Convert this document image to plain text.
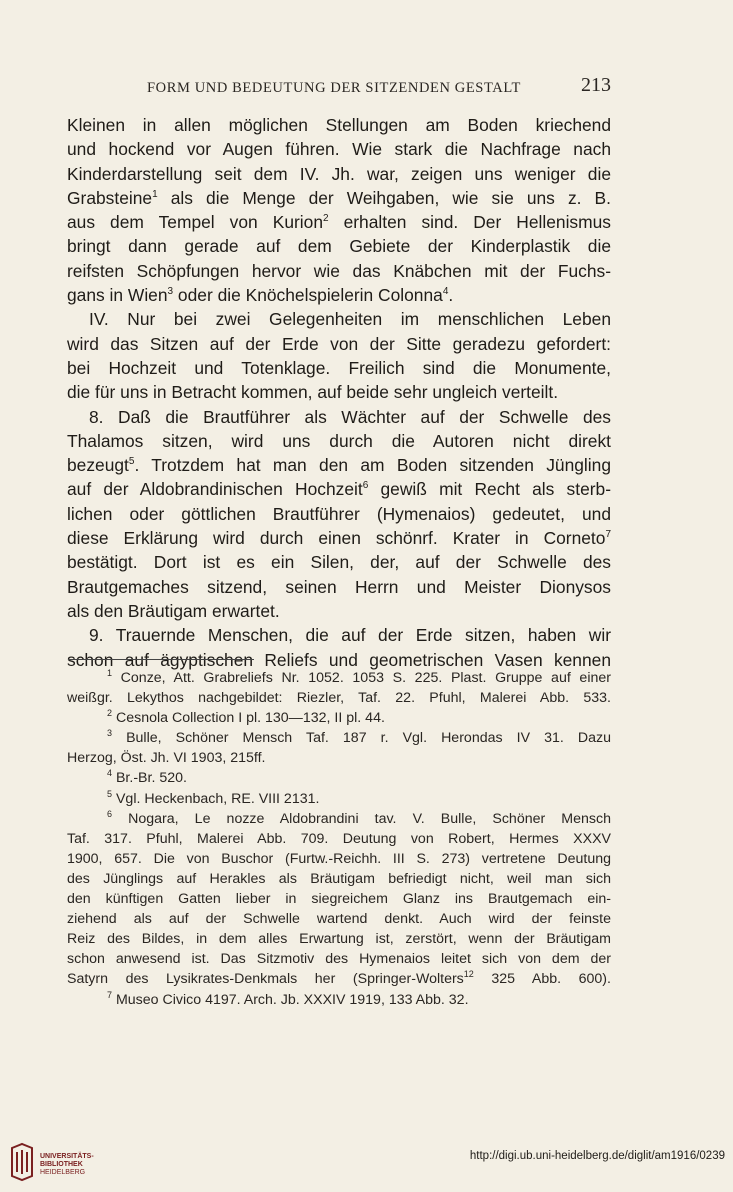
FORM UND BEDEUTUNG DER SITZENDEN GESTALT	213

Kleinen in allen möglichen Stellungen am Boden kriechend

und hockend vor Augen führen. Wie stark die Nachfrage nach

Kinderdarstellung seit dem IV. Jh. war, zeigen uns weniger die

Grabsteine$^1$ als die Menge der Weihgaben, wie sie uns z. B.

aus dem Tempel von Kurion$^2$ erhalten sind. Der Hellenismus

bringt dann gerade auf dem Gebiete der Kinderplastik die

reifsten Schöpfungen hervor wie das Knäbchen mit der Fuchs-

gans in Wien$^3$ oder die Knöchelspielerin Colonna$^4$.

IV. Nur bei zwei Gelegenheiten im menschlichen Leben

wird das Sitzen auf der Erde von der Sitte geradezu gefordert:

bei Hochzeit und Totenklage. Freilich sind die Monumente,

die für uns in Betracht kommen, auf beide sehr ungleich verteilt.

8. Daß die Brautführer als Wächter auf der Schwelle des

Thalamos sitzen, wird uns durch die Autoren nicht direkt

bezeugt$^5$. Trotzdem hat man den am Boden sitzenden Jüngling

auf der Aldobrandinischen Hochzeit$^6$ gewiß mit Recht als sterb-

lichen oder göttlichen Brautführer (Hymenaios) gedeutet, und

diese Erklärung wird durch einen schönrf. Krater in Corneto$^7$

bestätigt. Dort ist es ein Silen, der, auf der Schwelle des

Brautgemaches sitzend, seinen Herrn und Meister Dionysos

als den Bräutigam erwartet.

9. Trauernde Menschen, die auf der Erde sitzen, haben wir

schon auf ägyptischen Reliefs und geometrischen Vasen kennen

$^1$ Conze, Att. Grabreliefs Nr. 1052. 1053 S. 225. Plast. Gruppe auf einer

weißgr. Lekythos nachgebildet: Riezler, Taf. 22. Pfuhl, Malerei Abb. 533.

$^2$ Cesnola Collection I pl. 130—132, II pl. 44.

$^3$ Bulle, Schöner Mensch Taf. 187 r. Vgl. Herondas IV 31. Dazu

Herzog, Öst. Jh. VI 1903, 215ff.

$^4$ Br.-Br. 520.

$^5$ Vgl. Heckenbach, RE. VIII 2131.

$^6$ Nogara, Le nozze Aldobrandini tav. V. Bulle, Schöner Mensch

Taf. 317. Pfuhl, Malerei Abb. 709. Deutung von Robert, Hermes XXXV

1900, 657. Die von Buschor (Furtw.-Reichh. III S. 273) vertretene Deutung

des Jünglings auf Herakles als Bräutigam befriedigt nicht, weil man sich

den künftigen Gatten lieber in siegreichem Glanz ins Brautgemach ein-

ziehend als auf der Schwelle wartend denkt. Auch wird der feinste

Reiz des Bildes, in dem alles Erwartung ist, zerstört, wenn der Bräutigam

schon anwesend ist. Das Sitzmotiv des Hymenaios leitet sich von dem der

Satyrn des Lysikrates-Denkmals her (Springer-Wolters$^{12}$ 325 Abb. 600).

$^7$ Museo Civico 4197. Arch. Jb. XXXIV 1919, 133 Abb. 32.

UNIVERSITÄTS-
BIBLIOTHEK
HEIDELBERG
http://digi.ub.uni-heidelberg.de/diglit/am1916/0239
